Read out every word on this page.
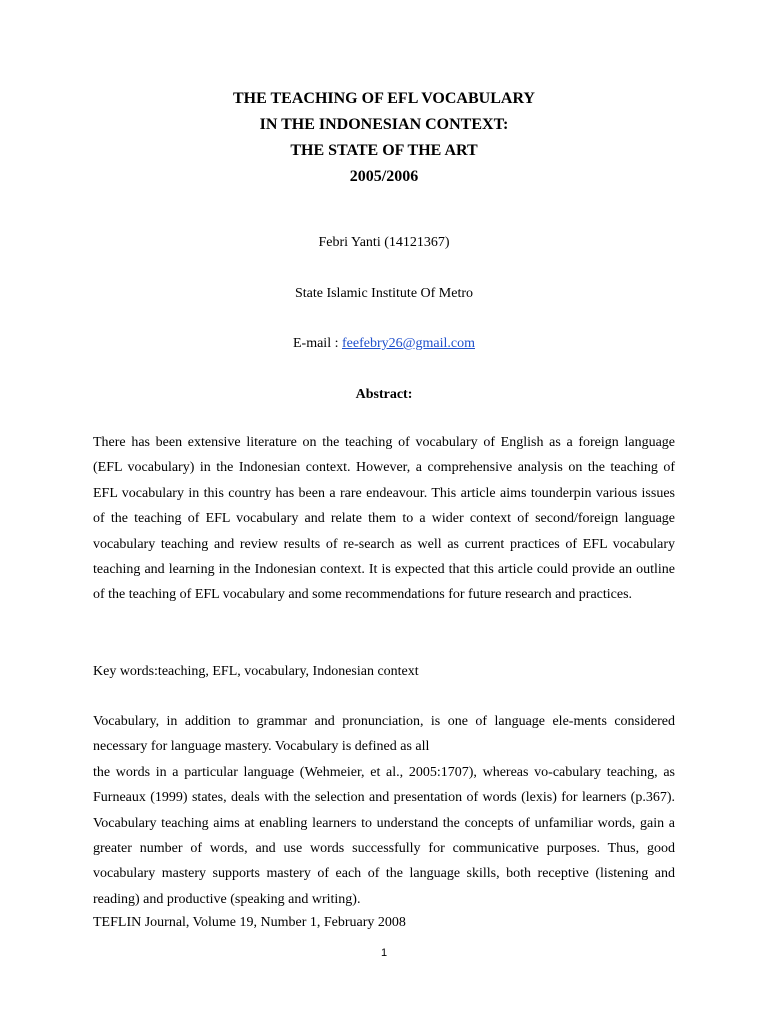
THE TEACHING OF EFL VOCABULARY
IN THE INDONESIAN CONTEXT:
THE STATE OF THE ART
2005/2006
Febri Yanti (14121367)
State Islamic Institute Of Metro
E-mail : feefebry26@gmail.com
Abstract:

There has been extensive literature on the teaching of vocabulary of English as a foreign language (EFL vocabulary) in the Indonesian context. However, a comprehensive analysis on the teaching of EFL vocabulary in this country has been a rare endeavour. This article aims tounderpin various issues of the teaching of EFL vocabulary and relate them to a wider context of second/foreign language vocabulary teaching and review results of re-search as well as current practices of EFL vocabulary teaching and learning in the Indonesian context. It is expected that this article could provide an outline of the teaching of EFL vocabulary and some recommendations for future research and practices.

Key words:teaching, EFL, vocabulary, Indonesian context

Vocabulary, in addition to grammar and pronunciation, is one of language ele-ments considered necessary for language mastery. Vocabulary is defined as all
the words in a particular language (Wehmeier, et al., 2005:1707), whereas vo-cabulary teaching, as Furneaux (1999) states, deals with the selection and presentation of words (lexis) for learners (p.367). Vocabulary teaching aims at enabling learners to understand the concepts of unfamiliar words, gain a greater number of words, and use words successfully for communicative purposes. Thus, good vocabulary mastery supports mastery of each of the language skills, both receptive (listening and reading) and productive (speaking and writing).

TEFLIN Journal, Volume 19, Number 1, February 2008

1
